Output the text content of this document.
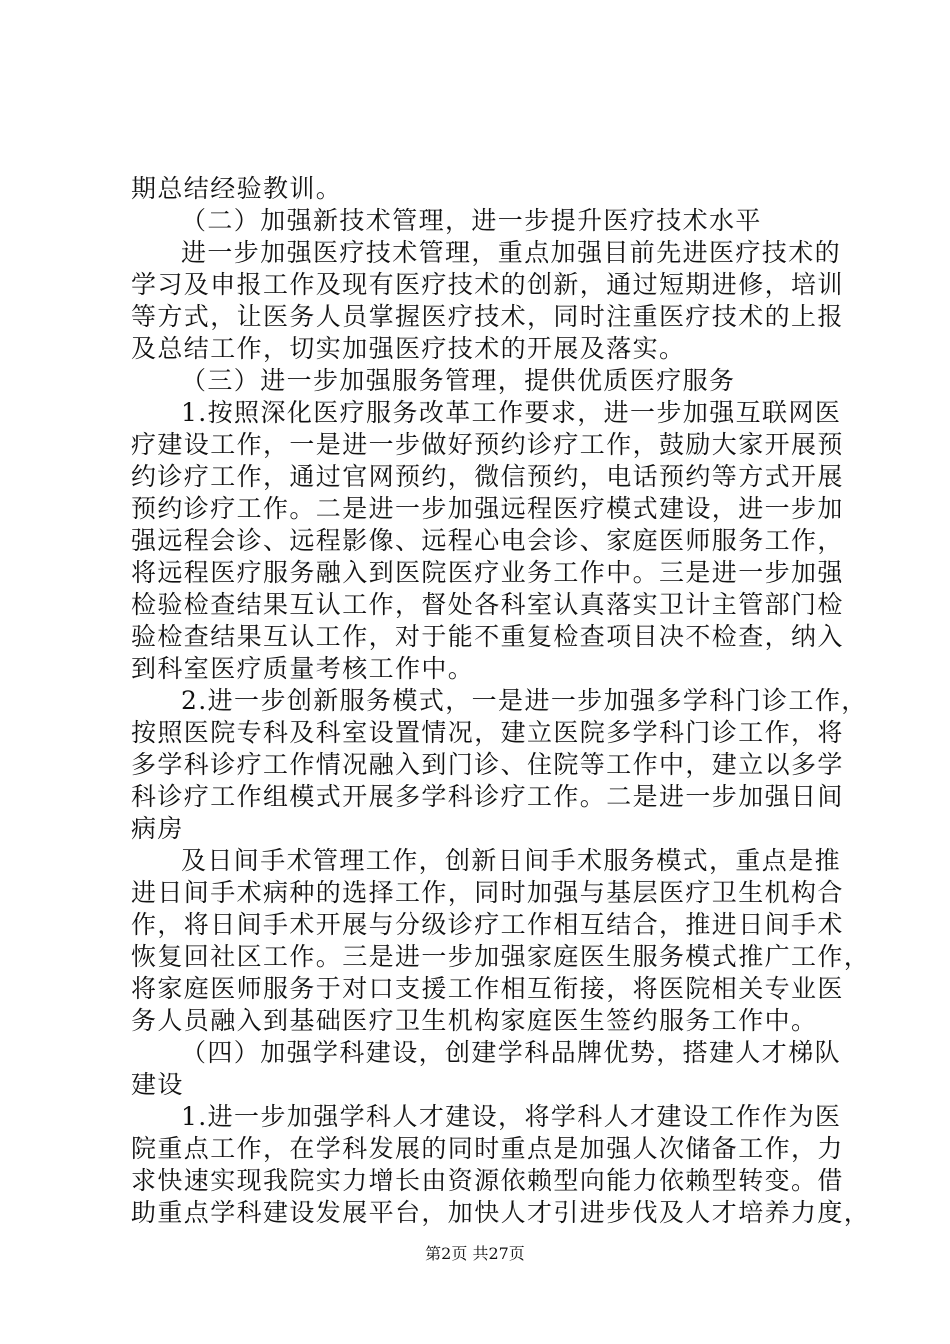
期总结经验教训。
（二）加强新技术管理，进一步提升医疗技术水平
进一步加强医疗技术管理，重点加强目前先进医疗技术的
学习及申报工作及现有医疗技术的创新，通过短期进修，培训
等方式，让医务人员掌握医疗技术，同时注重医疗技术的上报
及总结工作，切实加强医疗技术的开展及落实。
（三）进一步加强服务管理，提供优质医疗服务
1.按照深化医疗服务改革工作要求，进一步加强互联网医
疗建设工作，一是进一步做好预约诊疗工作，鼓励大家开展预
约诊疗工作，通过官网预约，微信预约，电话预约等方式开展
预约诊疗工作。二是进一步加强远程医疗模式建设，进一步加
强远程会诊、远程影像、远程心电会诊、家庭医师服务工作，
将远程医疗服务融入到医院医疗业务工作中。三是进一步加强
检验检查结果互认工作，督处各科室认真落实卫计主管部门检
验检查结果互认工作，对于能不重复检查项目决不检查，纳入
到科室医疗质量考核工作中。
2.进一步创新服务模式，一是进一步加强多学科门诊工作，
按照医院专科及科室设置情况，建立医院多学科门诊工作，将
多学科诊疗工作情况融入到门诊、住院等工作中，建立以多学
科诊疗工作组模式开展多学科诊疗工作。二是进一步加强日间
病房
及日间手术管理工作，创新日间手术服务模式，重点是推
进日间手术病种的选择工作，同时加强与基层医疗卫生机构合
作，将日间手术开展与分级诊疗工作相互结合，推进日间手术
恢复回社区工作。三是进一步加强家庭医生服务模式推广工作，
将家庭医师服务于对口支援工作相互衔接，将医院相关专业医
务人员融入到基础医疗卫生机构家庭医生签约服务工作中。
（四）加强学科建设，创建学科品牌优势，搭建人才梯队
建设
1.进一步加强学科人才建设，将学科人才建设工作作为医
院重点工作，在学科发展的同时重点是加强人次储备工作，力
求快速实现我院实力增长由资源依赖型向能力依赖型转变。借
助重点学科建设发展平台，加快人才引进步伐及人才培养力度，
第2页 共27页
